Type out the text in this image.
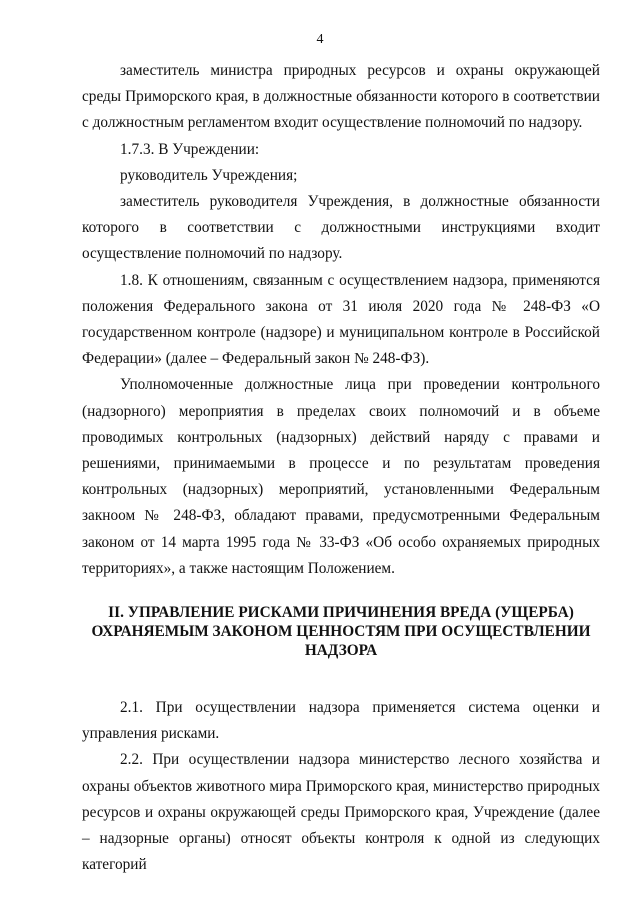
4

заместитель министра природных ресурсов и охраны окружающей среды Приморского края, в должностные обязанности которого в соответствии с должностным регламентом входит осуществление полномочий по надзору.

1.7.3. В Учреждении:

руководитель Учреждения;

заместитель руководителя Учреждения, в должностные обязанности которого в соответствии с должностными инструкциями входит осуществление полномочий по надзору.

1.8. К отношениям, связанным с осуществлением надзора, применяются положения Федерального закона от 31 июля 2020 года № 248-ФЗ «О государственном контроле (надзоре) и муниципальном контроле в Российской Федерации» (далее – Федеральный закон № 248-ФЗ).

Уполномоченные должностные лица при проведении контрольного (надзорного) мероприятия в пределах своих полномочий и в объеме проводимых контрольных (надзорных) действий наряду с правами и решениями, принимаемыми в процессе и по результатам проведения контрольных (надзорных) мероприятий, установленными Федеральным закноом № 248-ФЗ, обладают правами, предусмотренными Федеральным законом от 14 марта 1995 года № 33-ФЗ «Об особо охраняемых природных территориях», а также настоящим Положением.

II. УПРАВЛЕНИЕ РИСКАМИ ПРИЧИНЕНИЯ ВРЕДА (УЩЕРБА)

ОХРАНЯЕМЫМ ЗАКОНОМ ЦЕННОСТЯМ ПРИ ОСУЩЕСТВЛЕНИИ

НАДЗОРА

2.1. При осуществлении надзора применяется система оценки и управления рисками.

2.2. При осуществлении надзора министерство лесного хозяйства и охраны объектов животного мира Приморского края, министерство природных ресурсов и охраны окружающей среды Приморского края, Учреждение (далее – надзорные органы) относят объекты контроля к одной из следующих категорий
